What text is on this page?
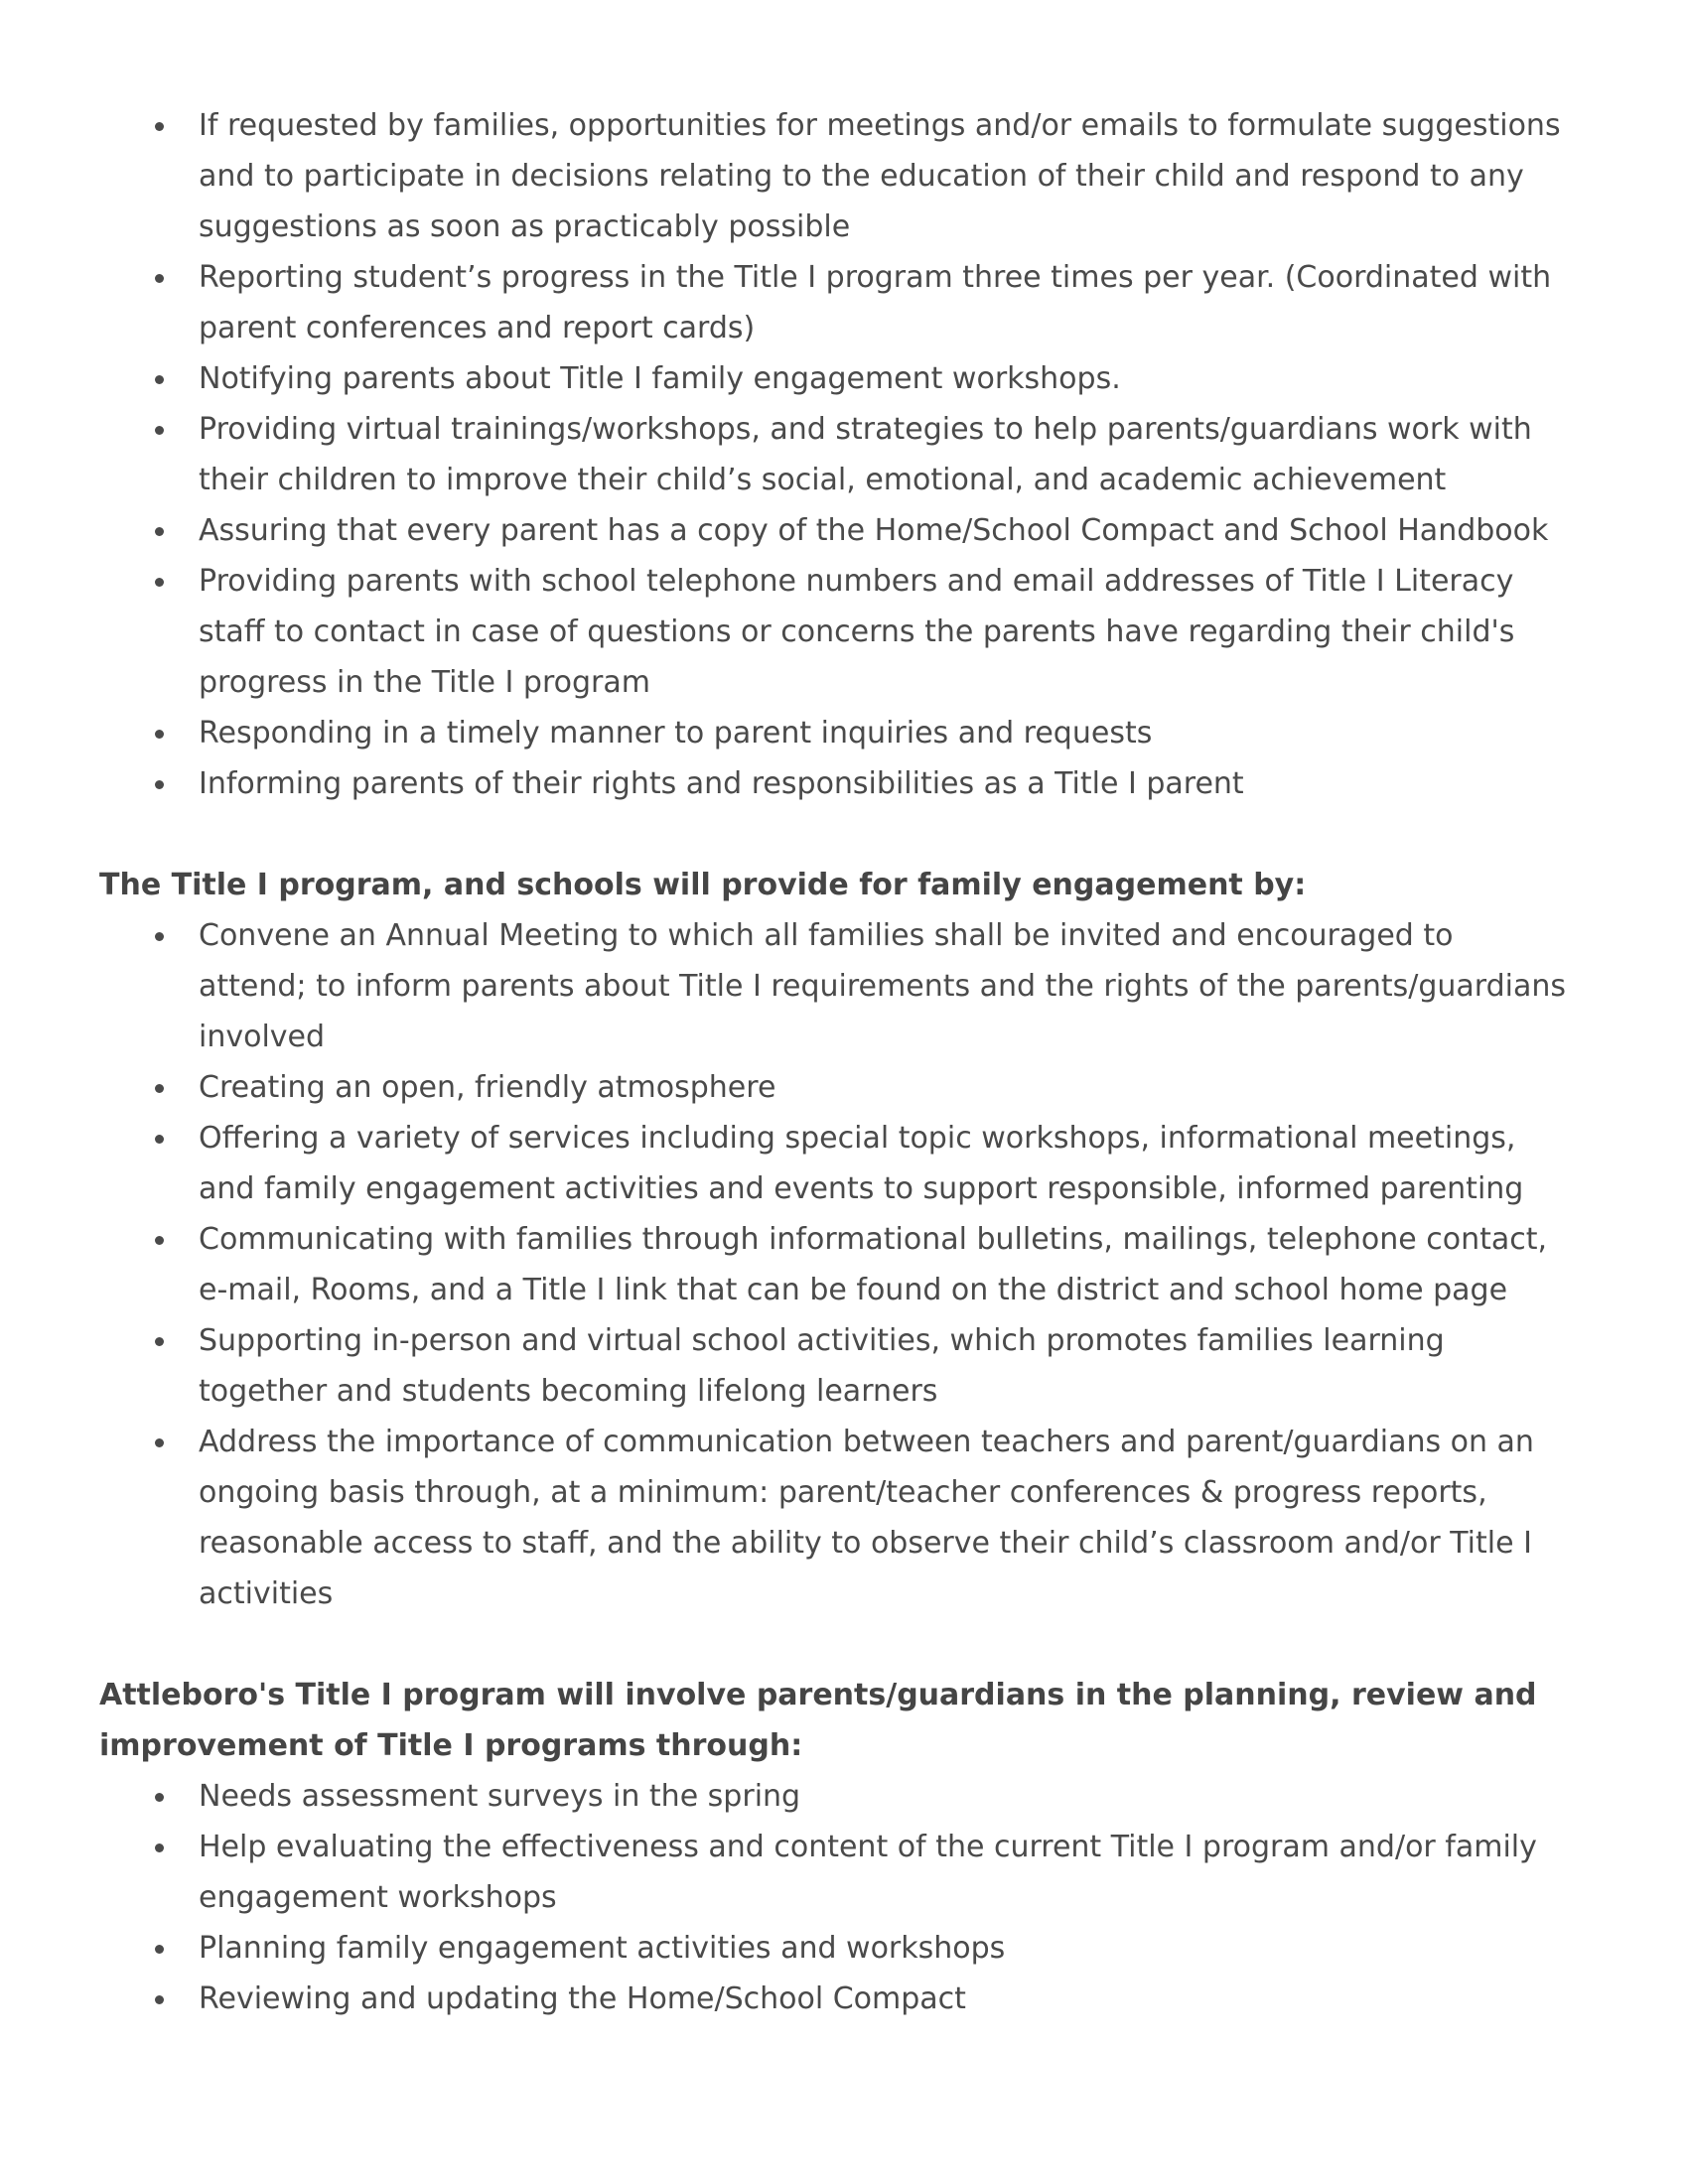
If requested by families, opportunities for meetings and/or emails to formulate suggestions and to participate in decisions relating to the education of their child and respond to any suggestions as soon as practicably possible
Reporting student’s progress in the Title I program three times per year. (Coordinated with parent conferences and report cards)
Notifying parents about Title I family engagement workshops.
Providing virtual trainings/workshops, and strategies to help parents/guardians work with their children to improve their child’s social, emotional, and academic achievement
Assuring that every parent has a copy of the Home/School Compact and School Handbook
Providing parents with school telephone numbers and email addresses of Title I Literacy staff to contact in case of questions or concerns the parents have regarding their child's progress in the Title I program
Responding in a timely manner to parent inquiries and requests
Informing parents of their rights and responsibilities as a Title I parent

The Title I program, and schools will provide for family engagement by:

Convene an Annual Meeting to which all families shall be invited and encouraged to attend; to inform parents about Title I requirements and the rights of the parents/guardians involved
Creating an open, friendly atmosphere
Offering a variety of services including special topic workshops, informational meetings, and family engagement activities and events to support responsible, informed parenting
Communicating with families through informational bulletins, mailings, telephone contact, e-mail, Rooms, and a Title I link that can be found on the district and school home page
Supporting in-person and virtual school activities, which promotes families learning together and students becoming lifelong learners
Address the importance of communication between teachers and parent/guardians on an ongoing basis through, at a minimum: parent/teacher conferences & progress reports, reasonable access to staff, and the ability to observe their child’s classroom and/or Title I activities

Attleboro's Title I program will involve parents/guardians in the planning, review and improvement of Title I programs through:

Needs assessment surveys in the spring
Help evaluating the effectiveness and content of the current Title I program and/or family engagement workshops
Planning family engagement activities and workshops
Reviewing and updating the Home/School Compact
